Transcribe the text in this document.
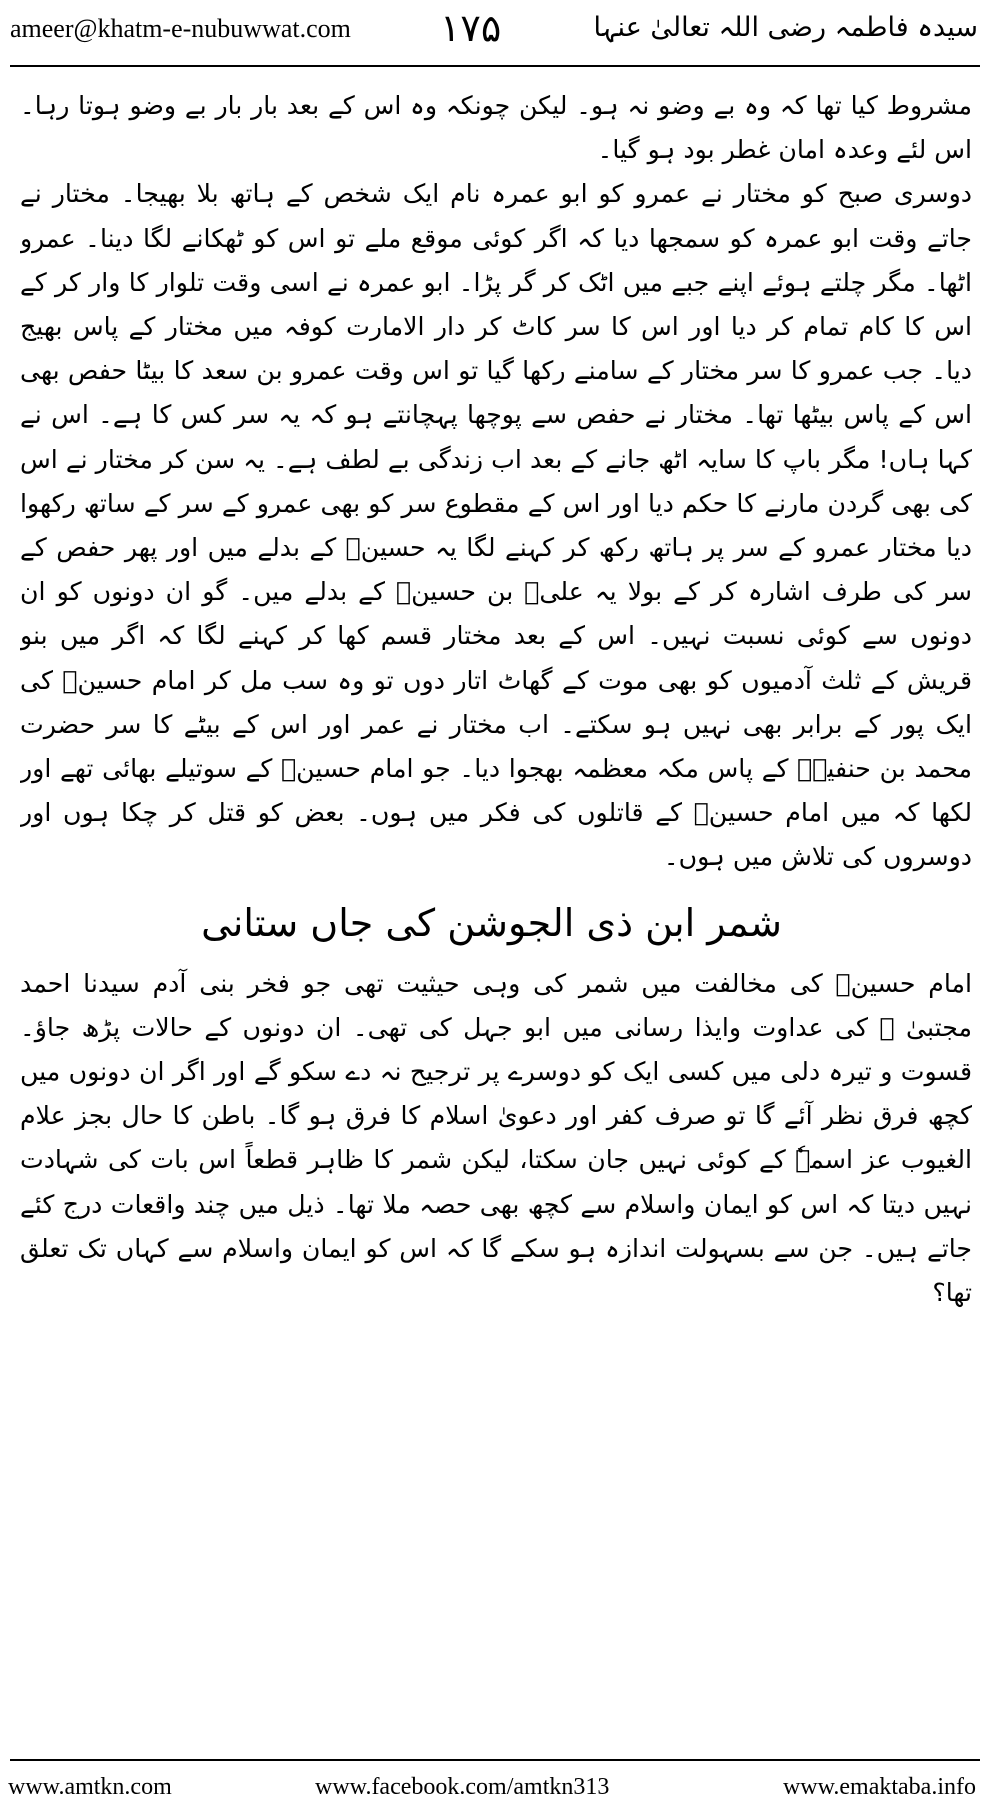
ameer@khatm-e-nubuwwat.com ۱۷۵	سیدہ فاطمہ رضی اللہ تعالیٰ عنہا

مشروط کیا تھا کہ وہ بے وضو نہ ہو۔ لیکن چونکہ وہ اس کے بعد بار بار بے وضو ہوتا رہا۔ اس لئے وعدہ امان غطر بود ہو گیا۔

دوسری صبح کو مختار نے عمرو کو ابو عمرہ نام ایک شخص کے ہاتھ بلا بھیجا۔ مختار نے جاتے وقت ابو عمرہ کو سمجھا دیا کہ اگر کوئی موقع ملے تو اس کو ٹھکانے لگا دینا۔ عمرو اٹھا۔ مگر چلتے ہوئے اپنے جبے میں اٹک کر گر پڑا۔ ابو عمرہ نے اسی وقت تلوار کا وار کر کے اس کا کام تمام کر دیا اور اس کا سر کاٹ کر دار الامارت کوفہ میں مختار کے پاس بھیج دیا۔ جب عمرو کا سر مختار کے سامنے رکھا گیا تو اس وقت عمرو بن سعد کا بیٹا حفص بھی اس کے پاس بیٹھا تھا۔ مختار نے حفص سے پوچھا پہچانتے ہو کہ یہ سر کس کا ہے۔ اس نے کہا ہاں! مگر باپ کا سایہ اٹھ جانے کے بعد اب زندگی بے لطف ہے۔ یہ سن کر مختار نے اس کی بھی گردن مارنے کا حکم دیا اور اس کے مقطوع سر کو بھی عمرو کے سر کے ساتھ رکھوا دیا مختار عمرو کے سر پر ہاتھ رکھ کر کہنے لگا یہ حسینؓ کے بدلے میں اور پھر حفص کے سر کی طرف اشارہ کر کے بولا یہ علیؓ بن حسینؓ کے بدلے میں۔ گو ان دونوں کو ان دونوں سے کوئی نسبت نہیں۔ اس کے بعد مختار قسم کھا کر کہنے لگا کہ اگر میں بنو قریش کے ثلث آدمیوں کو بھی موت کے گھاٹ اتار دوں تو وہ سب مل کر امام حسینؓ کی ایک پور کے برابر بھی نہیں ہو سکتے۔ اب مختار نے عمر اور اس کے بیٹے کا سر حضرت محمد بن حنفیہؒ کے پاس مکہ معظمہ بھجوا دیا۔ جو امام حسینؓ کے سوتیلے بھائی تھے اور لکھا کہ میں امام حسینؓ کے قاتلوں کی فکر میں ہوں۔ بعض کو قتل کر چکا ہوں اور دوسروں کی تلاش میں ہوں۔

شمر ابن ذی الجوشن کی جاں ستانی

امام حسینؓ کی مخالفت میں شمر کی وہی حیثیت تھی جو فخر بنی آدم سیدنا احمد مجتبیٰ ﷺ کی عداوت وایذا رسانی میں ابو جہل کی تھی۔ ان دونوں کے حالات پڑھ جاؤ۔ قسوت و تیرہ دلی میں کسی ایک کو دوسرے پر ترجیح نہ دے سکو گے اور اگر ان دونوں میں کچھ فرق نظر آئے گا تو صرف کفر اور دعویٰ اسلام کا فرق ہو گا۔ باطن کا حال بجز علام الغیوب عز اسمہٗ کے کوئی نہیں جان سکتا، لیکن شمر کا ظاہر قطعاً اس بات کی شہادت نہیں دیتا کہ اس کو ایمان واسلام سے کچھ بھی حصہ ملا تھا۔ ذیل میں چند واقعات درج کئے جاتے ہیں۔ جن سے بسہولت اندازہ ہو سکے گا کہ اس کو ایمان واسلام سے کہاں تک تعلق تھا؟

www.amtkn.com	www.facebook.com/amtkn313	www.emaktaba.info
